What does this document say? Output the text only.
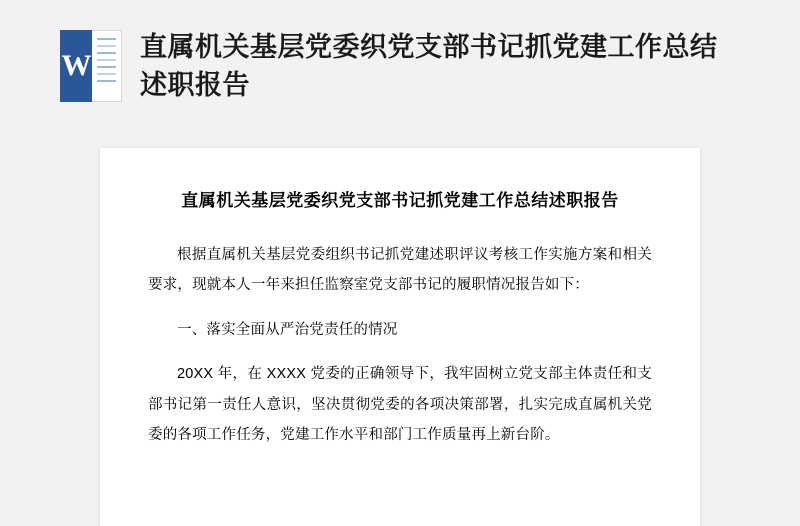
W
直属机关基层党委织党支部书记抓党建工作总结述职报告
直属机关基层党委织党支部书记抓党建工作总结述职报告

根据直属机关基层党委组织书记抓党建述职评议考核工作实施方案和相关要求，现就本人一年来担任监察室党支部书记的履职情况报告如下：

一、落实全面从严治党责任的情况

20XX 年，在 XXXX 党委的正确领导下，我牢固树立党支部主体责任和支部书记第一责任人意识，坚决贯彻党委的各项决策部署，扎实完成直属机关党委的各项工作任务，党建工作水平和部门工作质量再上新台阶。
